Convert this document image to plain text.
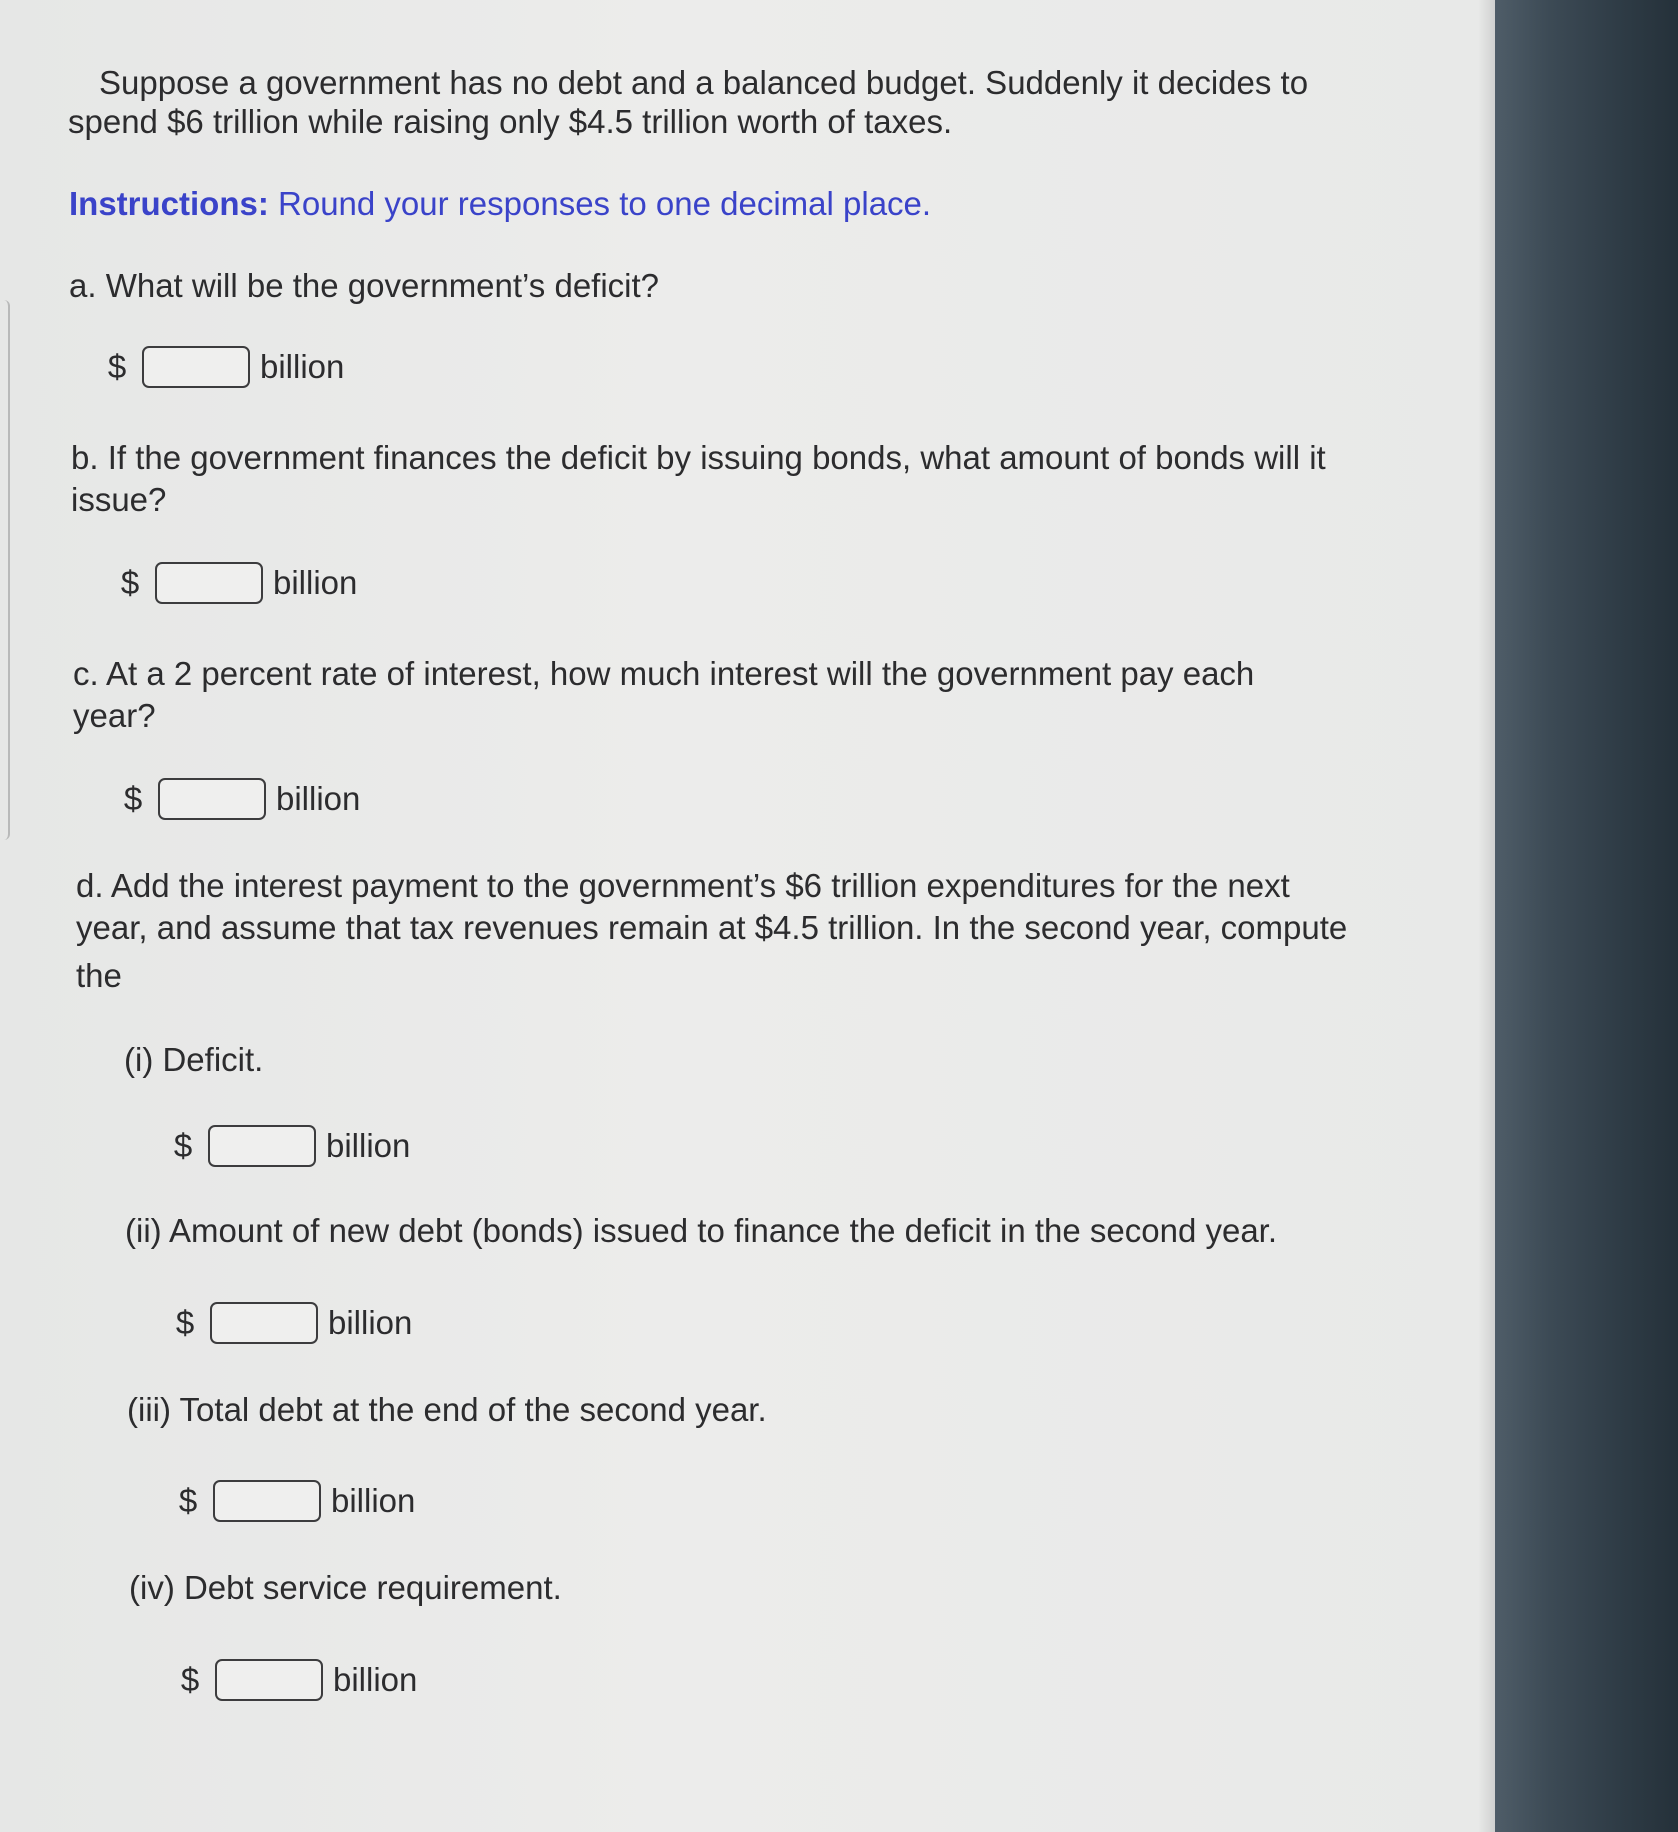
Suppose a government has no debt and a balanced budget. Suddenly it decides to

spend $6 trillion while raising only $4.5 trillion worth of taxes.

Instructions: Round your responses to one decimal place.

a. What will be the government’s deficit?

$	billion

b. If the government finances the deficit by issuing bonds, what amount of bonds will it

issue?

$	billion

c. At a 2 percent rate of interest, how much interest will the government pay each

year?

$	billion

d. Add the interest payment to the government’s $6 trillion expenditures for the next

year, and assume that tax revenues remain at $4.5 trillion. In the second year, compute

the

(i) Deficit.

$	billion

(ii) Amount of new debt (bonds) issued to finance the deficit in the second year.

$	billion

(iii) Total debt at the end of the second year.

$	billion

(iv) Debt service requirement.

$	billion
